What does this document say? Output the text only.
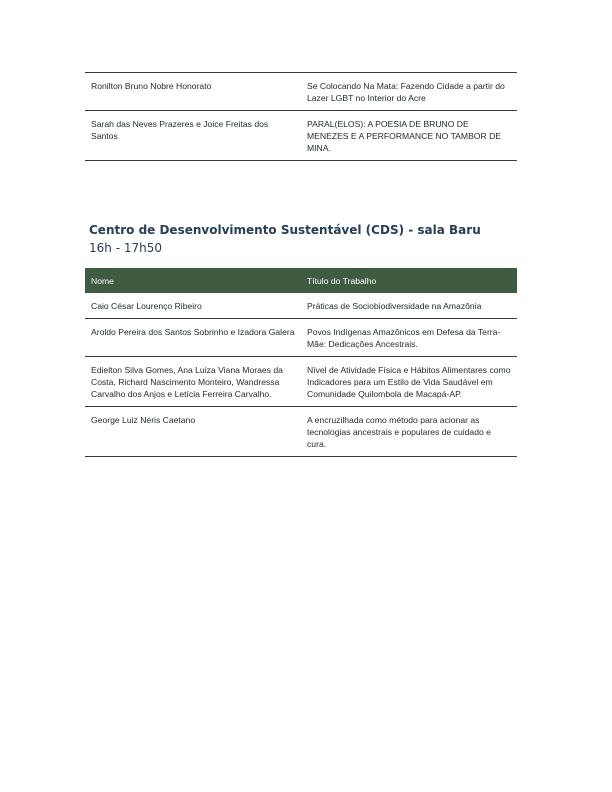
Ronilton Bruno Nobre Honorato	Se Colocando Na Mata: Fazendo Cidade a partir do Lazer LGBT no Interior do Acre
Sarah das Neves Prazeres e Joice Freitas dos Santos	PARAL(ELOS): A POESIA DE BRUNO DE MENEZES E A PERFORMANCE NO TAMBOR DE MINA.
Centro de Desenvolvimento Sustentável (CDS) - sala Baru
16h - 17h50
Nome	Título do Trabalho
Caio César Lourenço Ribeiro	Práticas de Sociobiodiversidade na Amazônia
Aroldo Pereira dos Santos Sobrinho e Izadora Galera	Povos Indígenas Amazônicos em Defesa da Terra-Mãe: Dedicações Ancestrais.
Edielton Silva Gomes, Ana Luiza Viana Moraes da Costa, Richard Nascimento Monteiro, Wandressa Carvalho dos Anjos e Letícia Ferreira Carvalho.	Nível de Atividade Física e Hábitos Alimentares como Indicadores para um Estilo de Vida Saudável em Comunidade Quilombola de Macapá-AP.
George Luiz Néris Caetano	A encruzilhada como método para acionar as tecnologias ancestrais e populares de cuidado e cura.
